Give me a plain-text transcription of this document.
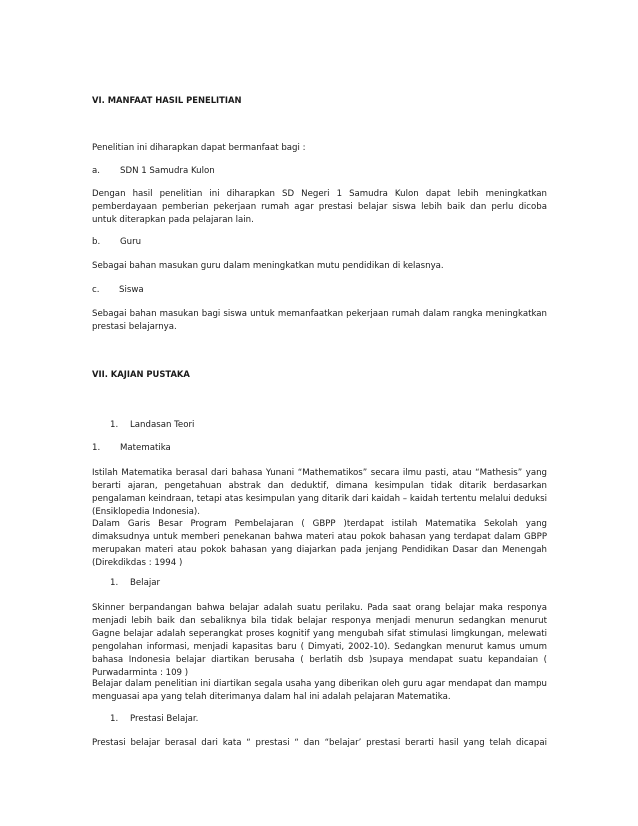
VI. MANFAAT HASIL PENELITIAN

Penelitian ini diharapkan dapat bermanfaat bagi :

a. SDN 1 Samudra Kulon

Dengan hasil penelitian ini diharapkan SD Negeri 1 Samudra Kulon dapat lebih meningkatkan pemberdayaan pemberian pekerjaan rumah agar prestasi belajar siswa lebih baik dan perlu dicoba untuk diterapkan pada pelajaran lain.

b. Guru

Sebagai bahan masukan guru dalam meningkatkan mutu pendidikan di kelasnya.

c. Siswa

Sebagai bahan masukan bagi siswa untuk memanfaatkan pekerjaan rumah dalam rangka meningkatkan prestasi belajarnya.

VII. KAJIAN PUSTAKA

1. Landasan Teori
1. Matematika

Istilah Matematika berasal dari bahasa Yunani “Mathematikos” secara ilmu pasti, atau “Mathesis” yang berarti ajaran, pengetahuan abstrak dan deduktif, dimana kesimpulan tidak ditarik berdasarkan pengalaman keindraan, tetapi atas kesimpulan yang ditarik dari kaidah – kaidah tertentu melalui deduksi (Ensiklopedia Indonesia).

Dalam Garis Besar Program Pembelajaran ( GBPP )terdapat istilah Matematika Sekolah yang dimaksudnya untuk memberi penekanan bahwa materi atau pokok bahasan yang terdapat dalam GBPP merupakan materi atau pokok bahasan yang diajarkan pada jenjang Pendidikan Dasar dan Menengah (Direkdikdas : 1994 )

1. Belajar

Skinner berpandangan bahwa belajar adalah suatu perilaku. Pada saat orang belajar maka responya menjadi lebih baik dan sebaliknya bila tidak belajar responya menjadi menurun sedangkan menurut Gagne belajar adalah seperangkat proses kognitif yang mengubah sifat stimulasi limgkungan, melewati pengolahan informasi, menjadi kapasitas baru ( Dimyati, 2002-10). Sedangkan menurut kamus umum bahasa Indonesia belajar diartikan berusaha ( berlatih dsb )supaya mendapat suatu kepandaian ( Purwadarminta : 109 )

Belajar dalam penelitian ini diartikan segala usaha yang diberikan oleh guru agar mendapat dan mampu menguasai apa yang telah diterimanya dalam hal ini adalah pelajaran Matematika.

1. Prestasi Belajar.

Prestasi belajar berasal dari kata “ prestasi “ dan “belajar’ prestasi berarti hasil yang telah dicapai
